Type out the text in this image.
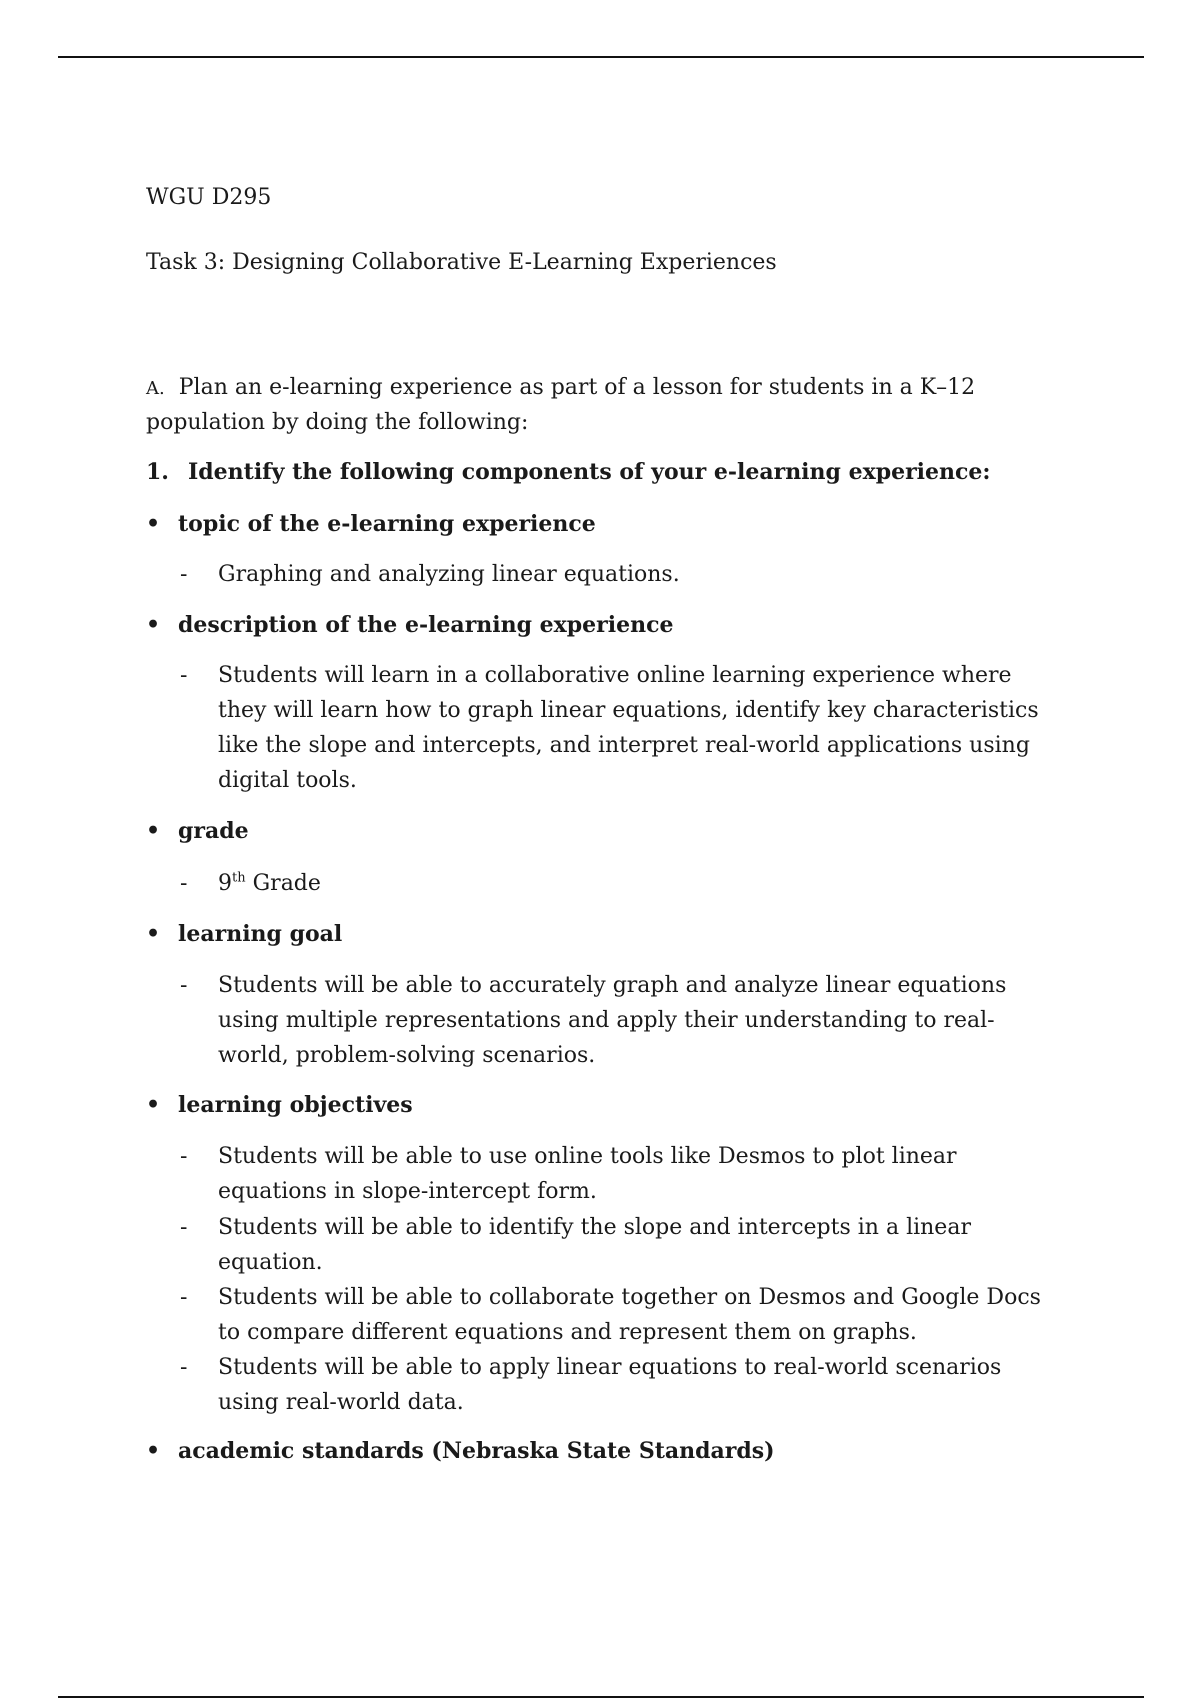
WGU D295
Task 3: Designing Collaborative E-Learning Experiences
A. Plan an e-learning experience as part of a lesson for students in a K–12
population by doing the following:
1. Identify the following components of your e-learning experience:
• topic of the e-learning experience
-	Graphing and analyzing linear equations.
• description of the e-learning experience
-	Students will learn in a collaborative online learning experience where they will learn how to graph linear equations, identify key characteristics like the slope and intercepts, and interpret real-world applications using digital tools.
• grade
-	9th Grade
• learning goal
-	Students will be able to accurately graph and analyze linear equations using multiple representations and apply their understanding to real- world, problem-solving scenarios.
• learning objectives
-	Students will be able to use online tools like Desmos to plot linear equations in slope-intercept form.
-	Students will be able to identify the slope and intercepts in a linear equation.
-	Students will be able to collaborate together on Desmos and Google Docs to compare different equations and represent them on graphs.
-	Students will be able to apply linear equations to real-world scenarios using real-world data.
• academic standards (Nebraska State Standards)
